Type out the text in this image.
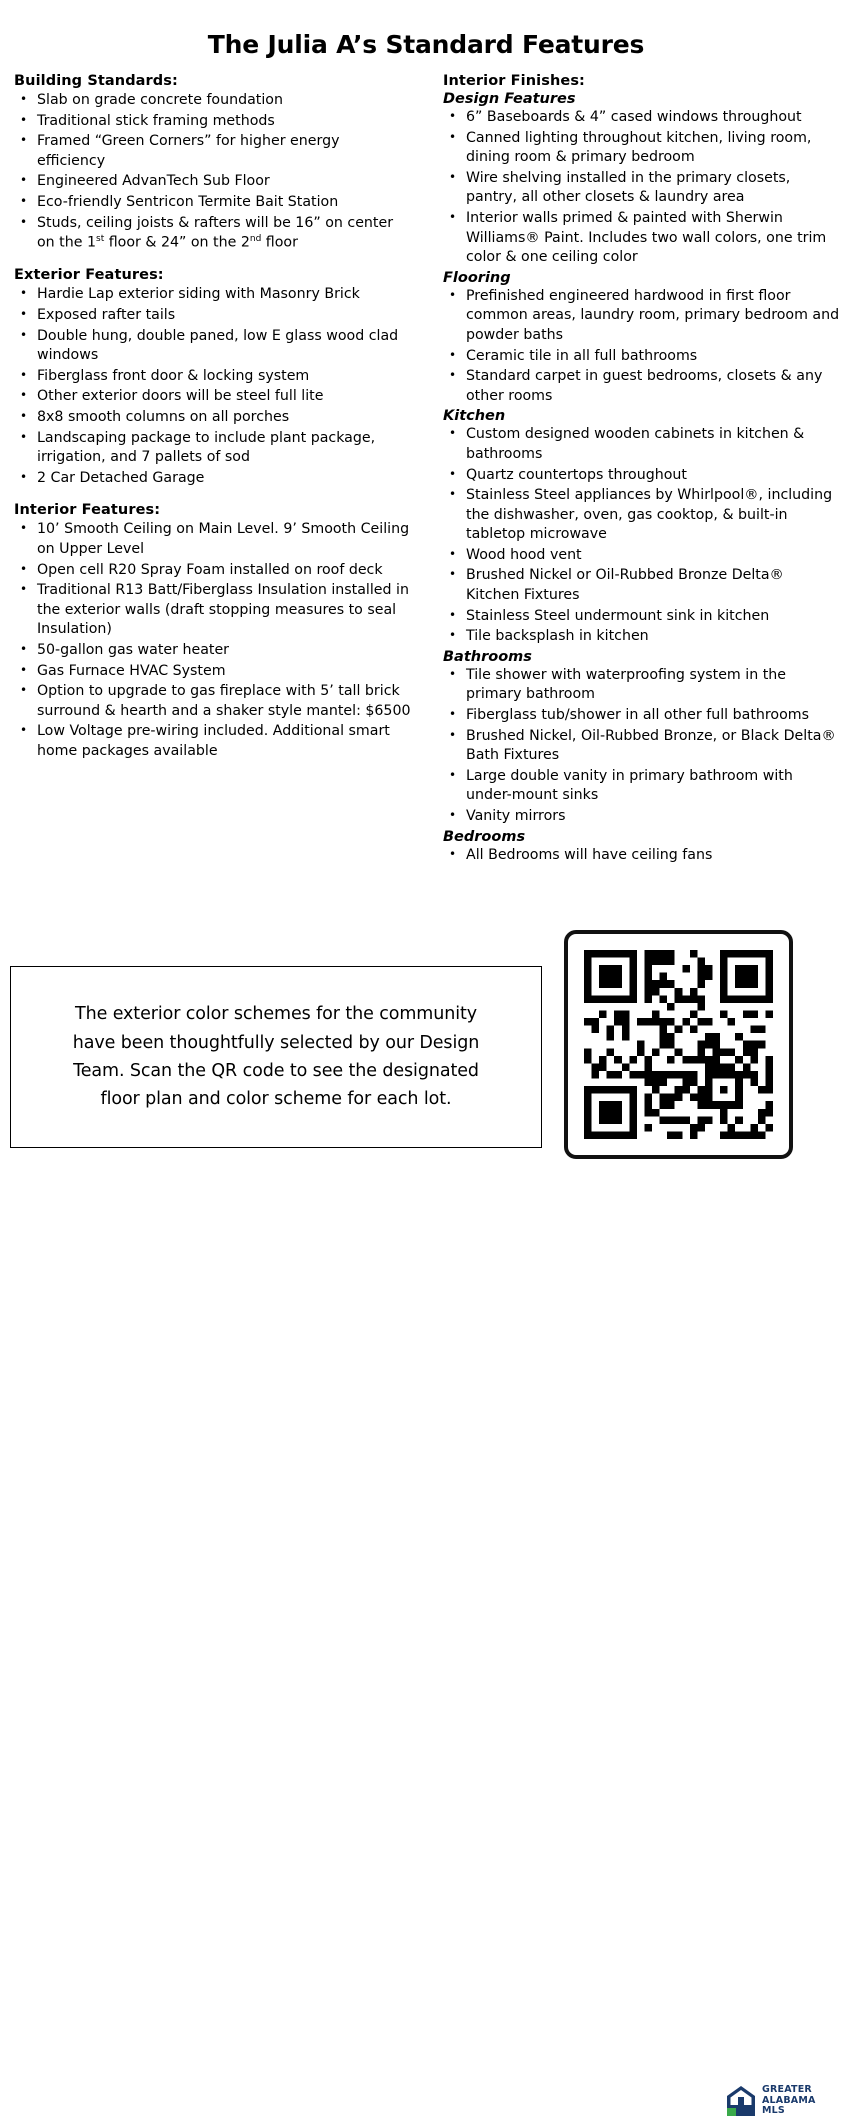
The Julia A’s Standard Features
Building Standards:
• Slab on grade concrete foundation
• Traditional stick framing methods
• Framed “Green Corners” for higher energy efficiency
• Engineered AdvanTech Sub Floor
• Eco-friendly Sentricon Termite Bait Station
• Studs, ceiling joists & rafters will be 16” on center on the 1st floor & 24” on the 2nd floor
Exterior Features:
• Hardie Lap exterior siding with Masonry Brick
• Exposed rafter tails
• Double hung, double paned, low E glass wood clad windows
• Fiberglass front door & locking system
• Other exterior doors will be steel full lite
• 8x8 smooth columns on all porches
• Landscaping package to include plant package, irrigation, and 7 pallets of sod
• 2 Car Detached Garage
Interior Features:
• 10’ Smooth Ceiling on Main Level. 9’ Smooth Ceiling on Upper Level
• Open cell R20 Spray Foam installed on roof deck
• Traditional R13 Batt/Fiberglass Insulation installed in the exterior walls (draft stopping measures to seal Insulation)
• 50-gallon gas water heater
• Gas Furnace HVAC System
• Option to upgrade to gas fireplace with 5’ tall brick surround & hearth and a shaker style mantel: $6500
• Low Voltage pre-wiring included. Additional smart home packages available
Interior Finishes:
Design Features
• 6” Baseboards & 4” cased windows throughout
• Canned lighting throughout kitchen, living room, dining room & primary bedroom
• Wire shelving installed in the primary closets, pantry, all other closets & laundry area
• Interior walls primed & painted with Sherwin Williams® Paint. Includes two wall colors, one trim color & one ceiling color
Flooring
• Prefinished engineered hardwood in first floor common areas, laundry room, primary bedroom and powder baths
• Ceramic tile in all full bathrooms
• Standard carpet in guest bedrooms, closets & any other rooms
Kitchen
• Custom designed wooden cabinets in kitchen & bathrooms
• Quartz countertops throughout
• Stainless Steel appliances by Whirlpool®, including the dishwasher, oven, gas cooktop, & built-in tabletop microwave
• Wood hood vent
• Brushed Nickel or Oil-Rubbed Bronze Delta® Kitchen Fixtures
• Stainless Steel undermount sink in kitchen
• Tile backsplash in kitchen
Bathrooms
• Tile shower with waterproofing system in the primary bathroom
• Fiberglass tub/shower in all other full bathrooms
• Brushed Nickel, Oil-Rubbed Bronze, or Black Delta® Bath Fixtures
• Large double vanity in primary bathroom with under-mount sinks
• Vanity mirrors
Bedrooms
• All Bedrooms will have ceiling fans
The exterior color schemes for the community
have been thoughtfully selected by our Design
Team. Scan the QR code to see the designated
floor plan and color scheme for each lot.
GREATER
ALABAMA
MLS
